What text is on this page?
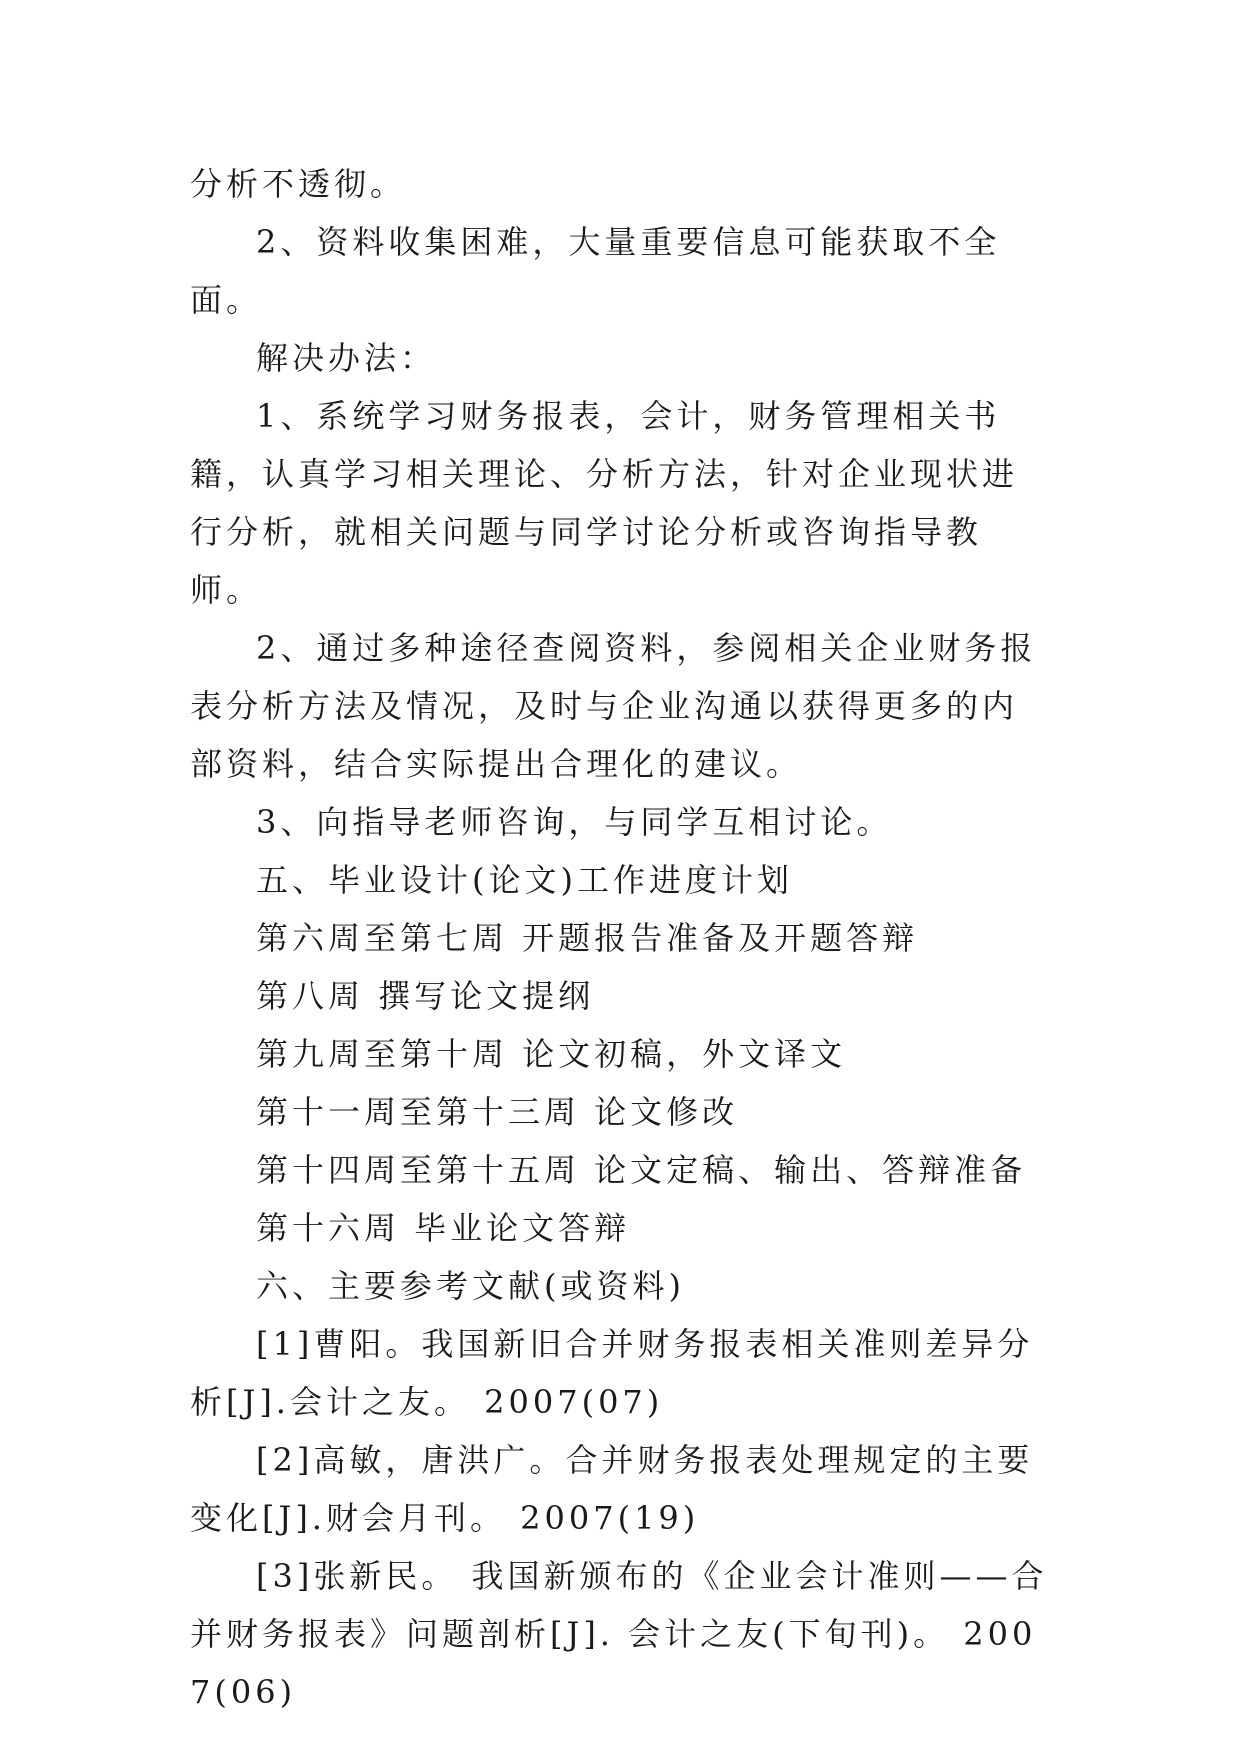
分析不透彻。

2、资料收集困难，大量重要信息可能获取不全面。

解决办法：

1、系统学习财务报表，会计，财务管理相关书籍，认真学习相关理论、分析方法，针对企业现状进行分析，就相关问题与同学讨论分析或咨询指导教师。

2、通过多种途径查阅资料，参阅相关企业财务报表分析方法及情况，及时与企业沟通以获得更多的内部资料，结合实际提出合理化的建议。

3、向指导老师咨询，与同学互相讨论。

五、毕业设计(论文)工作进度计划

第六周至第七周 开题报告准备及开题答辩

第八周 撰写论文提纲

第九周至第十周 论文初稿，外文译文

第十一周至第十三周 论文修改

第十四周至第十五周 论文定稿、输出、答辩准备

第十六周 毕业论文答辩

六、主要参考文献(或资料)

[1]曹阳。我国新旧合并财务报表相关准则差异分析[J].会计之友。 2007(07)

[2]高敏，唐洪广。合并财务报表处理规定的主要变化[J].财会月刊。 2007(19)

[3]张新民。 我国新颁布的《企业会计准则——合并财务报表》问题剖析[J]. 会计之友(下旬刊)。 2007(06)
